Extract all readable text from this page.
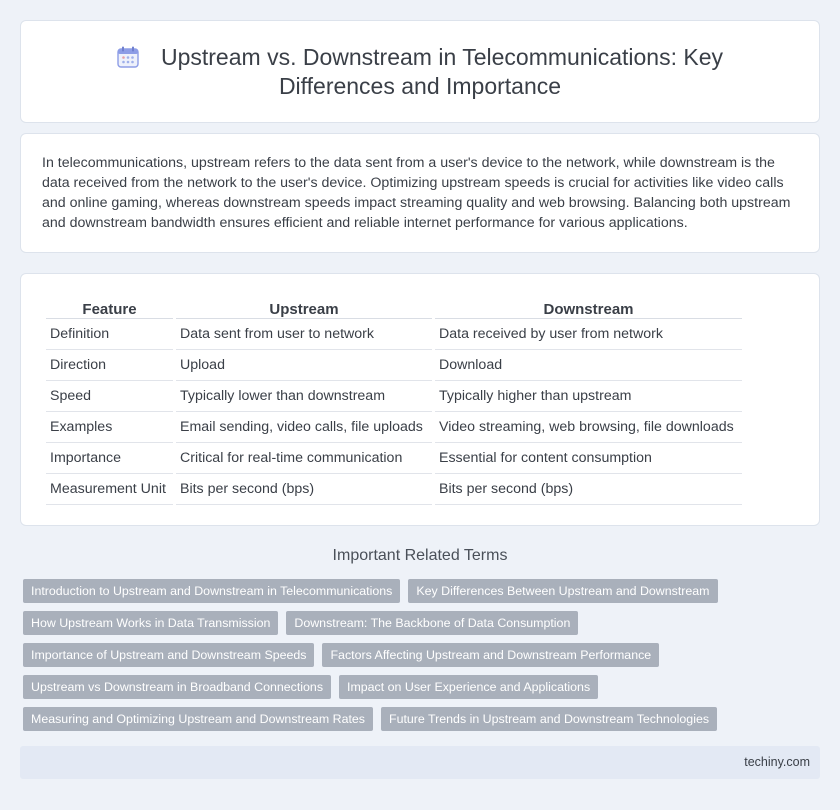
Upstream vs. Downstream in Telecommunications: Key Differences and Importance

In telecommunications, upstream refers to the data sent from a user's device to the network, while downstream is the data received from the network to the user's device. Optimizing upstream speeds is crucial for activities like video calls and online gaming, whereas downstream speeds impact streaming quality and web browsing. Balancing both upstream and downstream bandwidth ensures efficient and reliable internet performance for various applications.

Feature	Upstream	Downstream
Definition	Data sent from user to network	Data received by user from network
Direction	Upload	Download
Speed	Typically lower than downstream	Typically higher than upstream
Examples	Email sending, video calls, file uploads	Video streaming, web browsing, file downloads
Importance	Critical for real-time communication	Essential for content consumption
Measurement Unit	Bits per second (bps)	Bits per second (bps)
Important Related Terms
Introduction to Upstream and Downstream in Telecommunications	Key Differences Between Upstream and Downstream
How Upstream Works in Data Transmission	Downstream: The Backbone of Data Consumption
Importance of Upstream and Downstream Speeds	Factors Affecting Upstream and Downstream Performance
Upstream vs Downstream in Broadband Connections	Impact on User Experience and Applications
Measuring and Optimizing Upstream and Downstream Rates	Future Trends in Upstream and Downstream Technologies
techiny.com
